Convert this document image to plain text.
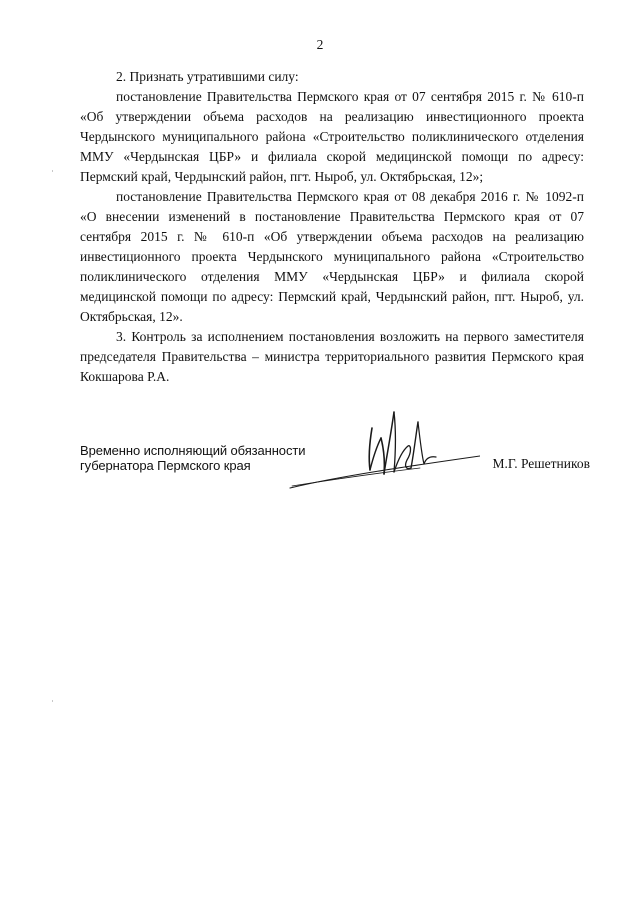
2

2. Признать утратившими силу:

постановление Правительства Пермского края от 07 сентября 2015 г. № 610-п «Об утверждении объема расходов на реализацию инвестиционного проекта Чердынского муниципального района «Строительство поликлинического отделения ММУ «Чердынская ЦБР» и филиала скорой медицинской помощи по адресу: Пермский край, Чердынский район, пгт. Ныроб, ул. Октябрьская, 12»;

постановление Правительства Пермского края от 08 декабря 2016 г. № 1092-п «О внесении изменений в постановление Правительства Пермского края от 07 сентября 2015 г. № 610-п «Об утверждении объема расходов на реализацию инвестиционного проекта Чердынского муниципального района «Строительство поликлинического отделения ММУ «Чердынская ЦБР» и филиала скорой медицинской помощи по адресу: Пермский край, Чердынский район, пгт. Ныроб, ул. Октябрьская, 12».

3. Контроль за исполнением постановления возложить на первого заместителя председателя Правительства – министра территориального развития Пермского края Кокшарова Р.А.

Временно исполняющий обязанности
губернатора Пермского края	М.Г. Решетников
